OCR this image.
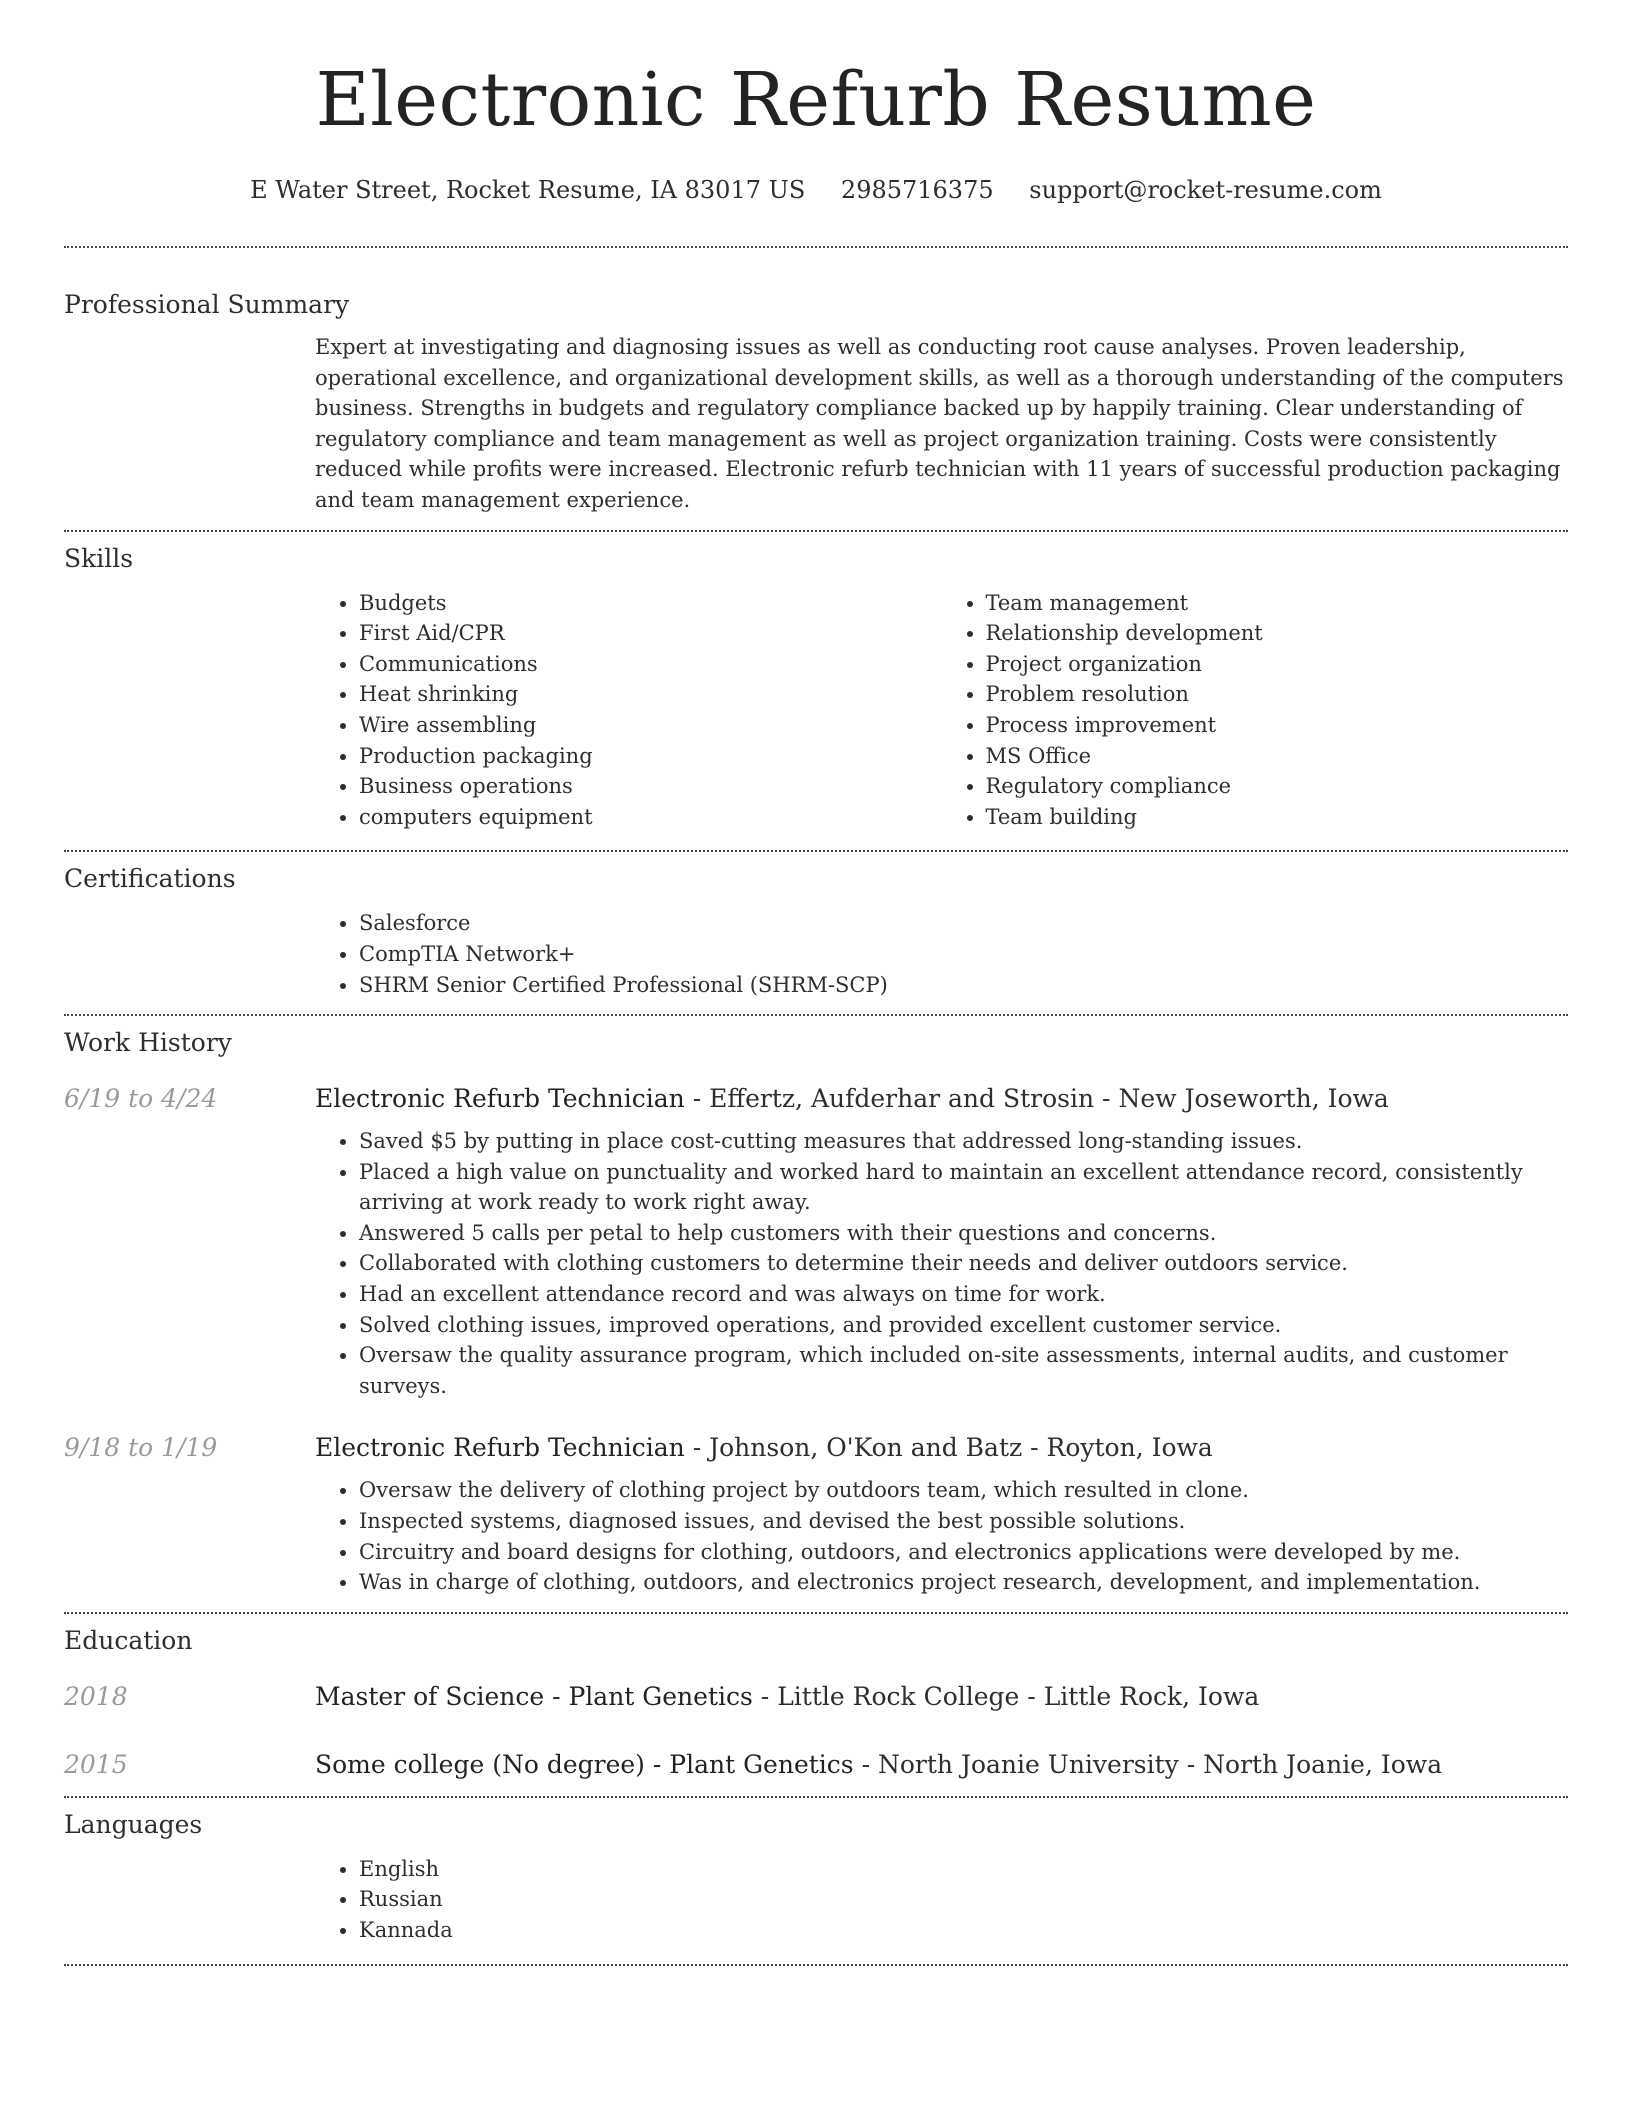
Electronic Refurb Resume
E Water Street, Rocket Resume, IA 83017 US 2985716375 support@rocket-resume.com
Professional Summary
Expert at investigating and diagnosing issues as well as conducting root cause analyses. Proven leadership, operational excellence, and organizational development skills, as well as a thorough understanding of the computers business. Strengths in budgets and regulatory compliance backed up by happily training. Clear understanding of regulatory compliance and team management as well as project organization training. Costs were consistently reduced while profits were increased. Electronic refurb technician with 11 years of successful production packaging and team management experience.
Skills
• Budgets
• First Aid/CPR
• Communications
• Heat shrinking
• Wire assembling
• Production packaging
• Business operations
• computers equipment
• Team management
• Relationship development
• Project organization
• Problem resolution
• Process improvement
• MS Office
• Regulatory compliance
• Team building
Certifications
• Salesforce
• CompTIA Network+
• SHRM Senior Certified Professional (SHRM-SCP)
Work History
6/19 to 4/24	Electronic Refurb Technician - Effertz, Aufderhar and Strosin - New Joseworth, Iowa
• Saved $5 by putting in place cost-cutting measures that addressed long-standing issues.
• Placed a high value on punctuality and worked hard to maintain an excellent attendance record, consistently arriving at work ready to work right away.
• Answered 5 calls per petal to help customers with their questions and concerns.
• Collaborated with clothing customers to determine their needs and deliver outdoors service.
• Had an excellent attendance record and was always on time for work.
• Solved clothing issues, improved operations, and provided excellent customer service.
• Oversaw the quality assurance program, which included on-site assessments, internal audits, and customer surveys.
9/18 to 1/19	Electronic Refurb Technician - Johnson, O'Kon and Batz - Royton, Iowa
• Oversaw the delivery of clothing project by outdoors team, which resulted in clone.
• Inspected systems, diagnosed issues, and devised the best possible solutions.
• Circuitry and board designs for clothing, outdoors, and electronics applications were developed by me.
• Was in charge of clothing, outdoors, and electronics project research, development, and implementation.
Education
2018	Master of Science - Plant Genetics - Little Rock College - Little Rock, Iowa
2015	Some college (No degree) - Plant Genetics - North Joanie University - North Joanie, Iowa
Languages
• English
• Russian
• Kannada
